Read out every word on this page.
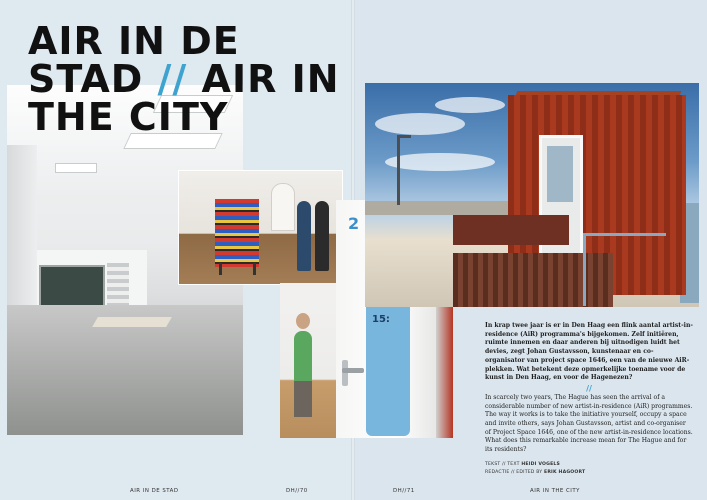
AIR IN DE
STAD // AIR IN
THE CITY
2
15:

In krap twee jaar is er in Den Haag een flink aantal artist-in-residence (AiR) programma's bijgekomen. Zelf initiëren, ruimte innemen en daar anderen bij uitnodigen luidt het devies, zegt Johan Gustavsson, kunstenaar en co-organisator van project space 1646, een van de nieuwe AiR-plekken. Wat betekent deze opmerkelijke toename voor de kunst in Den Haag, en voor de Hagenezen?

//

In scarcely two years, The Hague has seen the arrival of a considerable number of new artist-in-residence (AiR) programmes. The way it works is to take the initiative yourself, occupy a space and invite others, says Johan Gustavsson, artist and co-organiser of Project Space 1646, one of the new artist-in-residence locations. What does this remarkable increase mean for The Hague and for its residents?

TEKST // TEXT HEIDI VOGELS
REDACTIE // EDITED BY ERIK HAGOORT
AIR IN DE STAD	DH//70	DH//71	AIR IN THE CITY
